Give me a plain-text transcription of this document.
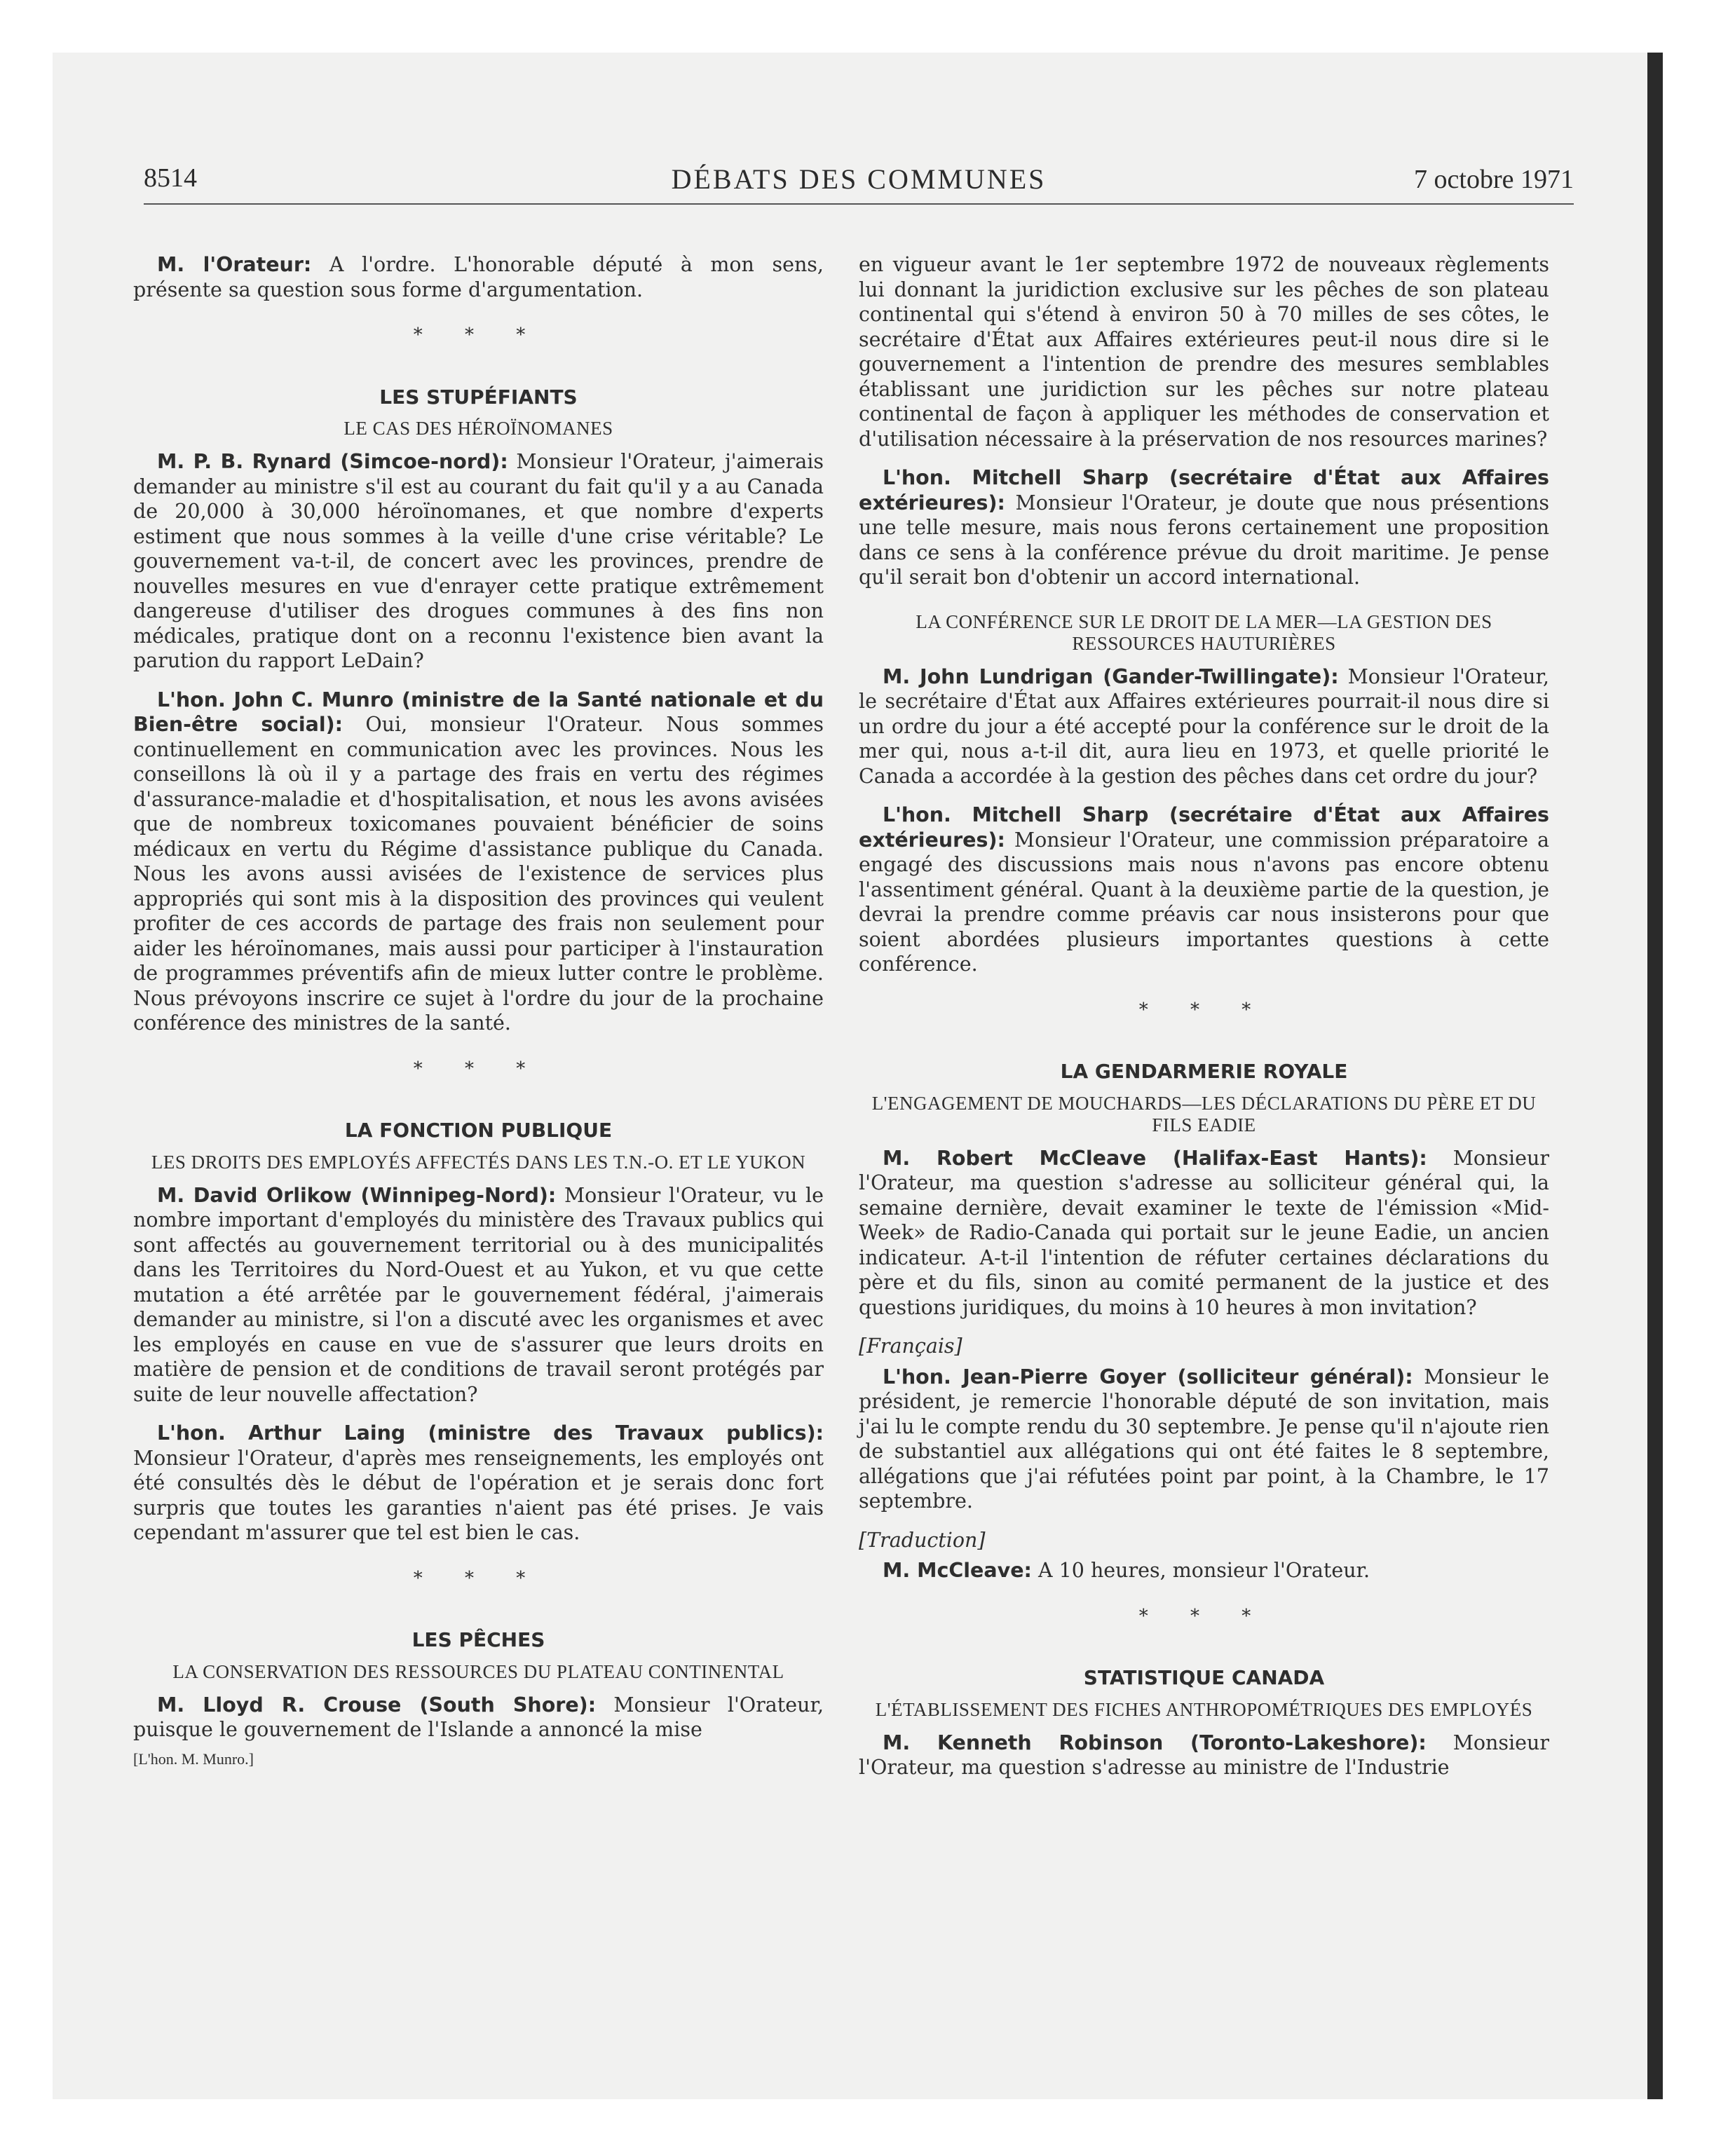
8514	DÉBATS DES COMMUNES	7 octobre 1971

M. l'Orateur: A l'ordre. L'honorable député à mon sens, présente sa question sous forme d'argumentation.

* * *
LES STUPÉFIANTS
LE CAS DES HÉROÏNOMANES

M. P. B. Rynard (Simcoe-nord): Monsieur l'Orateur, j'aimerais demander au ministre s'il est au courant du fait qu'il y a au Canada de 20,000 à 30,000 héroïnomanes, et que nombre d'experts estiment que nous sommes à la veille d'une crise véritable? Le gouvernement va-t-il, de concert avec les provinces, prendre de nouvelles mesures en vue d'enrayer cette pratique extrêmement dangereuse d'utiliser des drogues communes à des fins non médicales, pratique dont on a reconnu l'existence bien avant la parution du rapport LeDain?

L'hon. John C. Munro (ministre de la Santé nationale et du Bien-être social): Oui, monsieur l'Orateur. Nous sommes continuellement en communication avec les provinces. Nous les conseillons là où il y a partage des frais en vertu des régimes d'assurance-maladie et d'hospitalisation, et nous les avons avisées que de nombreux toxicomanes pouvaient bénéficier de soins médicaux en vertu du Régime d'assistance publique du Canada. Nous les avons aussi avisées de l'existence de services plus appropriés qui sont mis à la disposition des provinces qui veulent profiter de ces accords de partage des frais non seulement pour aider les héroïnomanes, mais aussi pour participer à l'instauration de programmes préventifs afin de mieux lutter contre le problème. Nous prévoyons inscrire ce sujet à l'ordre du jour de la prochaine conférence des ministres de la santé.

* * *
LA FONCTION PUBLIQUE
LES DROITS DES EMPLOYÉS AFFECTÉS DANS LES T.N.-O. ET LE YUKON

M. David Orlikow (Winnipeg-Nord): Monsieur l'Orateur, vu le nombre important d'employés du ministère des Travaux publics qui sont affectés au gouvernement territorial ou à des municipalités dans les Territoires du Nord-Ouest et au Yukon, et vu que cette mutation a été arrêtée par le gouvernement fédéral, j'aimerais demander au ministre, si l'on a discuté avec les organismes et avec les employés en cause en vue de s'assurer que leurs droits en matière de pension et de conditions de travail seront protégés par suite de leur nouvelle affectation?

L'hon. Arthur Laing (ministre des Travaux publics): Monsieur l'Orateur, d'après mes renseignements, les employés ont été consultés dès le début de l'opération et je serais donc fort surpris que toutes les garanties n'aient pas été prises. Je vais cependant m'assurer que tel est bien le cas.

* * *
LES PÊCHES
LA CONSERVATION DES RESSOURCES DU PLATEAU CONTINENTAL

M. Lloyd R. Crouse (South Shore): Monsieur l'Orateur, puisque le gouvernement de l'Islande a annoncé la mise

[L'hon. M. Munro.]

en vigueur avant le 1er septembre 1972 de nouveaux règlements lui donnant la juridiction exclusive sur les pêches de son plateau continental qui s'étend à environ 50 à 70 milles de ses côtes, le secrétaire d'État aux Affaires extérieures peut-il nous dire si le gouvernement a l'intention de prendre des mesures semblables établissant une juridiction sur les pêches sur notre plateau continental de façon à appliquer les méthodes de conservation et d'utilisation nécessaire à la préservation de nos resources marines?

L'hon. Mitchell Sharp (secrétaire d'État aux Affaires extérieures): Monsieur l'Orateur, je doute que nous présentions une telle mesure, mais nous ferons certainement une proposition dans ce sens à la conférence prévue du droit maritime. Je pense qu'il serait bon d'obtenir un accord international.

LA CONFÉRENCE SUR LE DROIT DE LA MER—LA GESTION DES RESSOURCES HAUTURIÈRES

M. John Lundrigan (Gander-Twillingate): Monsieur l'Orateur, le secrétaire d'État aux Affaires extérieures pourrait-il nous dire si un ordre du jour a été accepté pour la conférence sur le droit de la mer qui, nous a-t-il dit, aura lieu en 1973, et quelle priorité le Canada a accordée à la gestion des pêches dans cet ordre du jour?

L'hon. Mitchell Sharp (secrétaire d'État aux Affaires extérieures): Monsieur l'Orateur, une commission préparatoire a engagé des discussions mais nous n'avons pas encore obtenu l'assentiment général. Quant à la deuxième partie de la question, je devrai la prendre comme préavis car nous insisterons pour que soient abordées plusieurs importantes questions à cette conférence.

* * *
LA GENDARMERIE ROYALE
L'ENGAGEMENT DE MOUCHARDS—LES DÉCLARATIONS DU PÈRE ET DU FILS EADIE

M. Robert McCleave (Halifax-East Hants): Monsieur l'Orateur, ma question s'adresse au solliciteur général qui, la semaine dernière, devait examiner le texte de l'émission «Mid-Week» de Radio-Canada qui portait sur le jeune Eadie, un ancien indicateur. A-t-il l'intention de réfuter certaines déclarations du père et du fils, sinon au comité permanent de la justice et des questions juridiques, du moins à 10 heures à mon invitation?

[Français]

L'hon. Jean-Pierre Goyer (solliciteur général): Monsieur le président, je remercie l'honorable député de son invitation, mais j'ai lu le compte rendu du 30 septembre. Je pense qu'il n'ajoute rien de substantiel aux allégations qui ont été faites le 8 septembre, allégations que j'ai réfutées point par point, à la Chambre, le 17 septembre.

[Traduction]

M. McCleave: A 10 heures, monsieur l'Orateur.

* * *
STATISTIQUE CANADA
L'ÉTABLISSEMENT DES FICHES ANTHROPOMÉTRIQUES DES EMPLOYÉS

M. Kenneth Robinson (Toronto-Lakeshore): Monsieur l'Orateur, ma question s'adresse au ministre de l'Industrie
